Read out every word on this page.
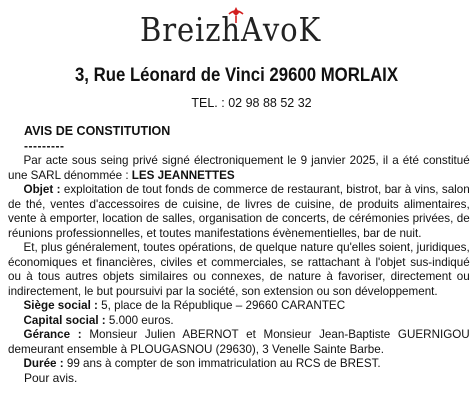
BreizhAvoK
3, Rue Léonard de Vinci 29600 MORLAIX
TEL. : 02 98 88 52 32
AVIS DE CONSTITUTION
---------

Par acte sous seing privé signé électroniquement le 9 janvier 2025, il a été constitué une SARL dénommée : LES JEANNETTES

Objet : exploitation de tout fonds de commerce de restaurant, bistrot, bar à vins, salon de thé, ventes d'accessoires de cuisine, de livres de cuisine, de produits alimentaires, vente à emporter, location de salles, organisation de concerts, de cérémonies privées, de réunions professionnelles, et toutes manifestations évènementielles, bar de nuit.

Et, plus généralement, toutes opérations, de quelque nature qu'elles soient, juridiques, économiques et financières, civiles et commerciales, se rattachant à l'objet sus-indiqué ou à tous autres objets similaires ou connexes, de nature à favoriser, directement ou indirectement, le but poursuivi par la société, son extension ou son développement.

Siège social : 5, place de la République – 29660 CARANTEC

Capital social : 5.000 euros.

Gérance : Monsieur Julien ABERNOT et Monsieur Jean-Baptiste GUERNIGOU demeurant ensemble à PLOUGASNOU (29630), 3 Venelle Sainte Barbe.

Durée : 99 ans à compter de son immatriculation au RCS de BREST.

Pour avis.
